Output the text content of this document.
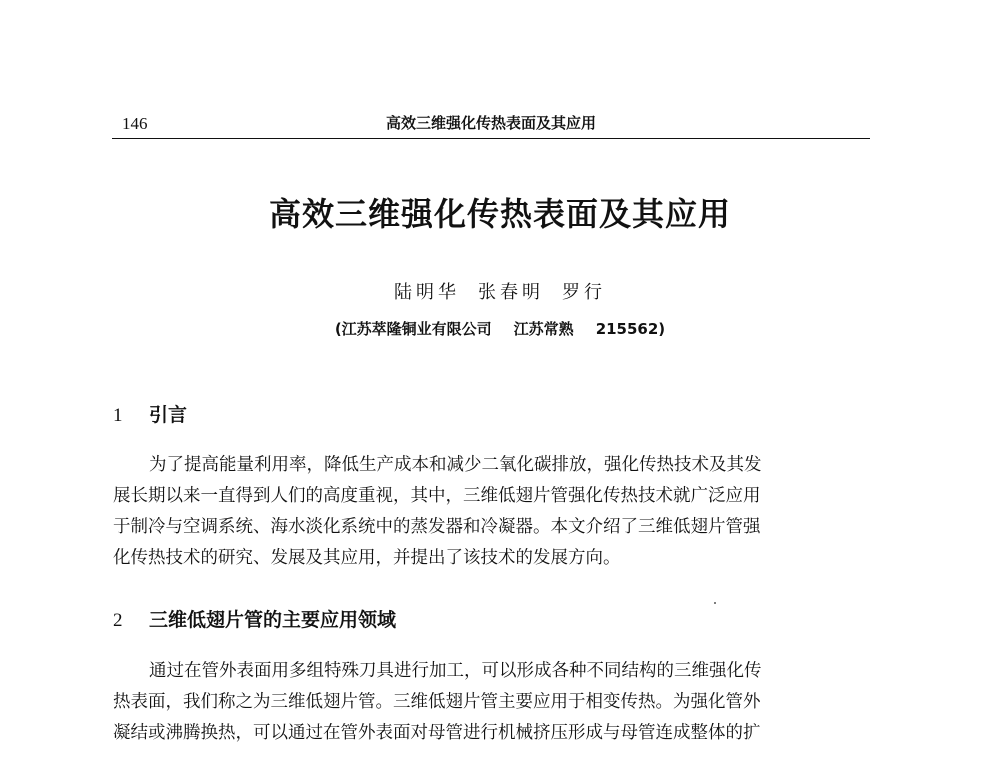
146	高效三维强化传热表面及其应用
高效三维强化传热表面及其应用
陆明华 张春明 罗行
(江苏萃隆铜业有限公司 江苏常熟 215562)
1 引言

为了提高能量利用率，降低生产成本和减少二氧化碳排放，强化传热技术及其发
展长期以来一直得到人们的高度重视，其中，三维低翅片管强化传热技术就广泛应用
于制冷与空调系统、海水淡化系统中的蒸发器和冷凝器。本文介绍了三维低翅片管强
化传热技术的研究、发展及其应用，并提出了该技术的发展方向。

2 三维低翅片管的主要应用领域

通过在管外表面用多组特殊刀具进行加工，可以形成各种不同结构的三维强化传
热表面，我们称之为三维低翅片管。三维低翅片管主要应用于相变传热。为强化管外
凝结或沸腾换热，可以通过在管外表面对母管进行机械挤压形成与母管连成整体的扩
